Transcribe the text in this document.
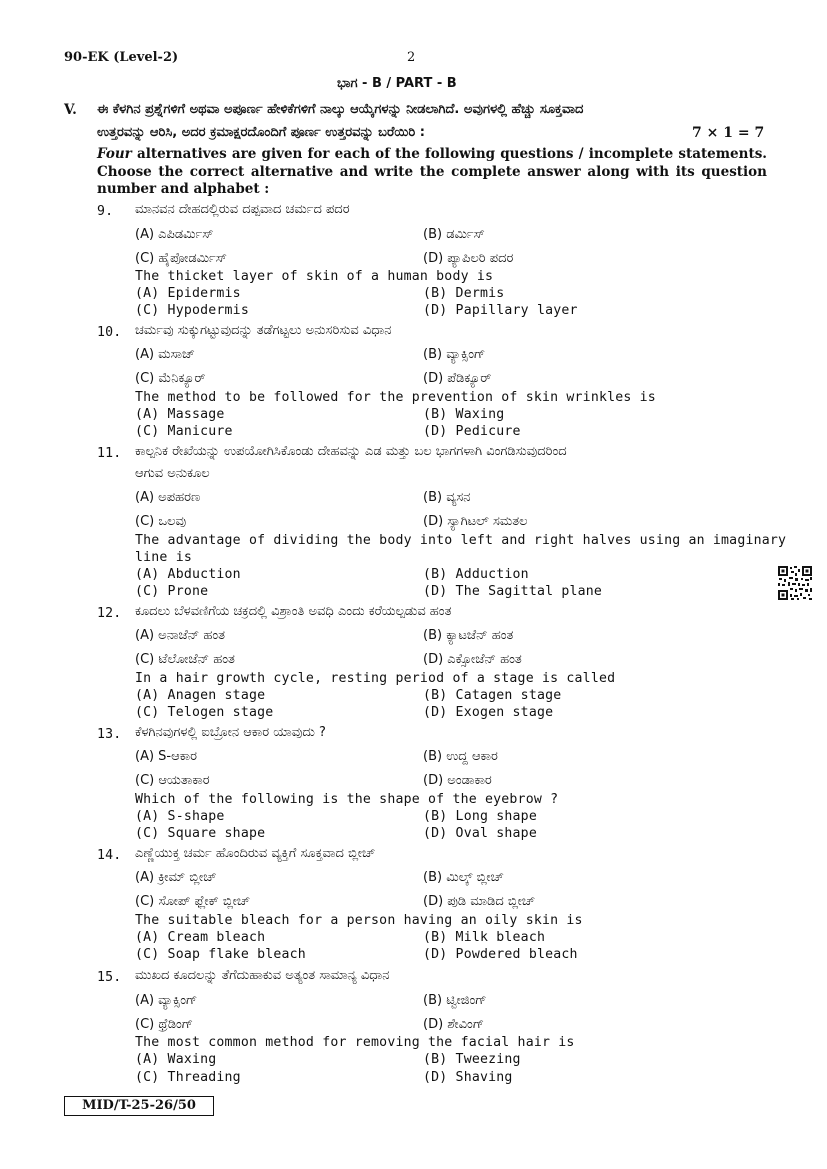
90-EK (Level-2)	2
ಭಾಗ - B / PART - B
V. ಈ ಕೆಳಗಿನ ಪ್ರಶ್ನೆಗಳಿಗೆ ಅಥವಾ ಅಪೂರ್ಣ ಹೇಳಿಕೆಗಳಿಗೆ ನಾಲ್ಕು ಆಯ್ಕೆಗಳನ್ನು ನೀಡಲಾಗಿದೆ. ಅವುಗಳಲ್ಲಿ ಹೆಚ್ಚು ಸೂಕ್ತವಾದ
ಉತ್ತರವನ್ನು ಆರಿಸಿ, ಅದರ ಕ್ರಮಾಕ್ಷರದೊಂದಿಗೆ ಪೂರ್ಣ ಉತ್ತರವನ್ನು ಬರೆಯಿರಿ :	7 × 1 = 7
Four alternatives are given for each of the following questions / incomplete statements. Choose the correct alternative and write the complete answer along with its question number and alphabet :
9. ಮಾನವನ ದೇಹದಲ್ಲಿರುವ ದಪ್ಪವಾದ ಚರ್ಮದ ಪದರ
(A) ಎಪಿಡರ್ಮಿಸ್	(B) ಡರ್ಮಿಸ್
(C) ಹೈಪೋಡರ್ಮಿಸ್	(D) ಪ್ಯಾಪಿಲರಿ ಪದರ
The thicket layer of skin of a human body is
(A) Epidermis	(B) Dermis
(C) Hypodermis	(D) Papillary layer
10. ಚರ್ಮವು ಸುಕ್ಕುಗಟ್ಟುವುದನ್ನು ತಡೆಗಟ್ಟಲು ಅನುಸರಿಸುವ ವಿಧಾನ
(A) ಮಸಾಜ್	(B) ವ್ಯಾಕ್ಸಿಂಗ್
(C) ಮೆನಿಕ್ಯೂರ್	(D) ಪೆಡಿಕ್ಯೂರ್
The method to be followed for the prevention of skin wrinkles is
(A) Massage	(B) Waxing
(C) Manicure	(D) Pedicure
11. ಕಾಲ್ಪನಿಕ ರೇಖೆಯನ್ನು ಉಪಯೋಗಿಸಿಕೊಂಡು ದೇಹವನ್ನು ಎಡ ಮತ್ತು ಬಲ ಭಾಗಗಳಾಗಿ ವಿಂಗಡಿಸುವುದರಿಂದ
ಆಗುವ ಅನುಕೂಲ
(A) ಅಪಹರಣ	(B) ವ್ಯಸನ
(C) ಒಲವು	(D) ಸ್ಯಾಗಿಟಲ್ ಸಮತಲ
The advantage of dividing the body into left and right halves using an imaginary
line is
(A) Abduction	(B) Adduction
(C) Prone	(D) The Sagittal plane
12. ಕೂದಲು ಬೆಳವಣಿಗೆಯ ಚಕ್ರದಲ್ಲಿ ವಿಶ್ರಾಂತಿ ಅವಧಿ ಎಂದು ಕರೆಯಲ್ಪಡುವ ಹಂತ
(A) ಅನಾಜೆನ್ ಹಂತ	(B) ಕ್ಯಾಟಜೆನ್ ಹಂತ
(C) ಟೆಲೋಜೆನ್ ಹಂತ	(D) ಎಕ್ಸೋಜೆನ್ ಹಂತ
In a hair growth cycle, resting period of a stage is called
(A) Anagen stage	(B) Catagen stage
(C) Telogen stage	(D) Exogen stage
13. ಕೆಳಗಿನವುಗಳಲ್ಲಿ ಐಬ್ರೋನ ಆಕಾರ ಯಾವುದು ?
(A) S-ಆಕಾರ	(B) ಉದ್ದ ಆಕಾರ
(C) ಆಯತಾಕಾರ	(D) ಅಂಡಾಕಾರ
Which of the following is the shape of the eyebrow ?
(A) S-shape	(B) Long shape
(C) Square shape	(D) Oval shape
14. ಎಣ್ಣೆಯುಕ್ತ ಚರ್ಮ ಹೊಂದಿರುವ ವ್ಯಕ್ತಿಗೆ ಸೂಕ್ತವಾದ ಬ್ಲೀಚ್
(A) ಕ್ರೀಮ್ ಬ್ಲೀಚ್	(B) ಮಿಲ್ಕ್ ಬ್ಲೀಚ್
(C) ಸೋಪ್ ಫ್ಲೇಕ್ ಬ್ಲೀಚ್	(D) ಪುಡಿ ಮಾಡಿದ ಬ್ಲೀಚ್
The suitable bleach for a person having an oily skin is
(A) Cream bleach	(B) Milk bleach
(C) Soap flake bleach	(D) Powdered bleach
15. ಮುಖದ ಕೂದಲನ್ನು ತೆಗೆದುಹಾಕುವ ಅತ್ಯಂತ ಸಾಮಾನ್ಯ ವಿಧಾನ
(A) ವ್ಯಾಕ್ಸಿಂಗ್	(B) ಟ್ವೀಜಿಂಗ್
(C) ಥ್ರೆಡಿಂಗ್	(D) ಶೇವಿಂಗ್
The most common method for removing the facial hair is
(A) Waxing	(B) Tweezing
(C) Threading	(D) Shaving
MID/T-25-26/50
